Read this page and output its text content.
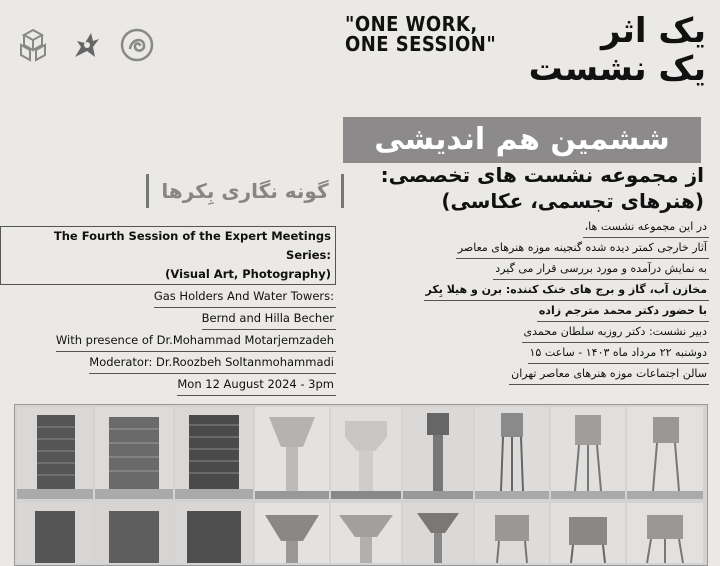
"ONE WORK,
ONE SESSION"	یک اثر
یک نشست
ششمین هم اندیشی
از مجموعه نشست های تخصصی:
(هنرهای تجسمی، عکاسی)
گونه نگاری بِکرها
The Fourth Session of the Expert Meetings Series:
(Visual Art, Photography)
Gas Holders And Water Towers:
Bernd and Hilla Becher
With presence of Dr.Mohammad Motarjemzadeh
Moderator: Dr.Roozbeh Soltanmohammadi
Mon 12 August 2024 - 3pm
در این مجموعه نشست ها،
آثار خارجی کمتر دیده شده گنجینه موزه هنرهای معاصر
به نمایش درآمده و مورد بررسی قرار می گیرد
مخازن آب، گاز و برج های خنک کننده: برن و هیلا بِکر
با حضور دکتر محمد مترجم زاده
دبیر نشست: دکتر روزبه سلطان محمدی
دوشنبه ۲۲ مرداد ماه ۱۴۰۳ - ساعت ۱۵
سالن اجتماعات موزه هنرهای معاصر تهران
